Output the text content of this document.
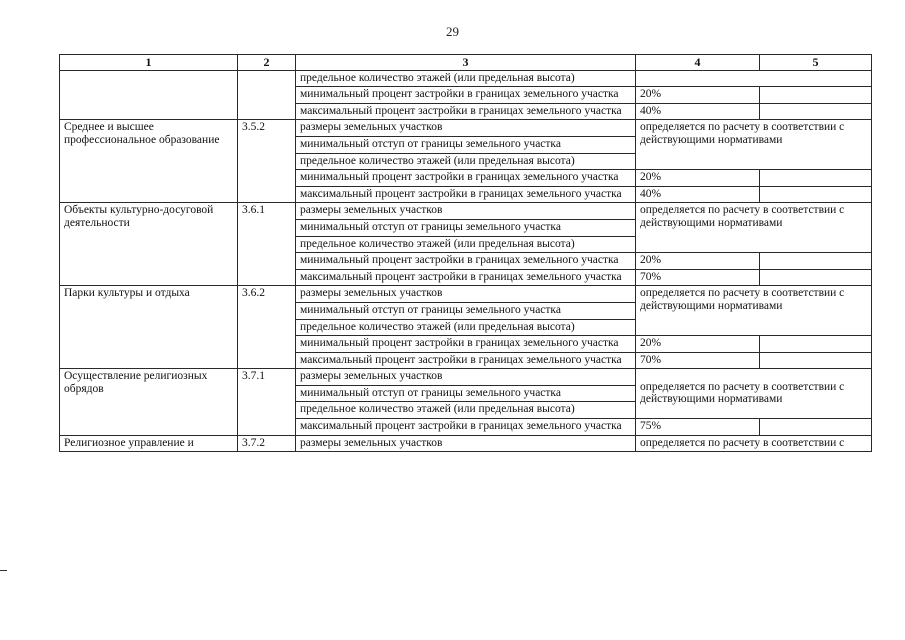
29
1	2	3	4	5
		предельное количество этажей (или предельная высота)		
		минимальный процент застройки в границах земельного участка	20%	
		максимальный процент застройки в границах земельного участка	40%	
Среднее и высшее профессиональное образование	3.5.2	размеры земельных участков	определяется по расчету в соответствии с действующими нормативами	
		минимальный отступ от границы земельного участка		
		предельное количество этажей (или предельная высота)		
		минимальный процент застройки в границах земельного участка	20%	
		максимальный процент застройки в границах земельного участка	40%	
Объекты культурно-досуговой деятельности	3.6.1	размеры земельных участков	определяется по расчету в соответствии с действующими нормативами	
		минимальный отступ от границы земельного участка		
		предельное количество этажей (или предельная высота)		
		минимальный процент застройки в границах земельного участка	20%	
		максимальный процент застройки в границах земельного участка	70%	
Парки культуры и отдыха	3.6.2	размеры земельных участков	определяется по расчету в соответствии с действующими нормативами	
		минимальный отступ от границы земельного участка		
		предельное количество этажей (или предельная высота)		
		минимальный процент застройки в границах земельного участка	20%	
		максимальный процент застройки в границах земельного участка	70%	
Осуществление религиозных обрядов	3.7.1	размеры земельных участков	определяется по расчету в соответствии с действующими нормативами	
		минимальный отступ от границы земельного участка		
		предельное количество этажей (или предельная высота)		
		максимальный процент застройки в границах земельного участка	75%	
Религиозное управление и	3.7.2	размеры земельных участков	определяется по расчету в соответствии с	
